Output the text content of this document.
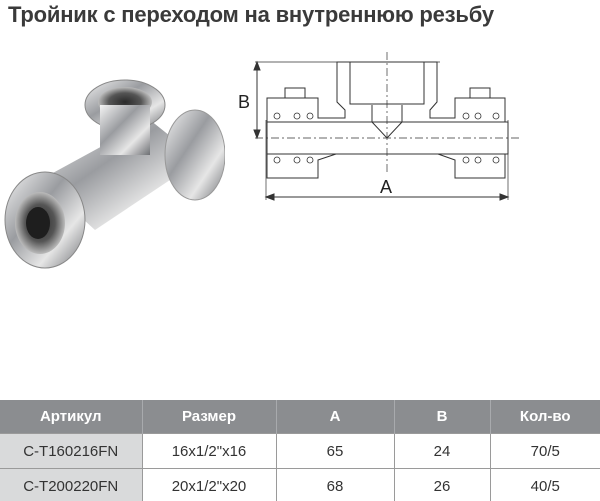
Тройник с переходом на внутреннюю резьбу
B
A
Артикул	Размер	A	B	Кол-во
C-T160216FN	16x1/2"x16	65	24	70/5
C-T200220FN	20x1/2"x20	68	26	40/5
